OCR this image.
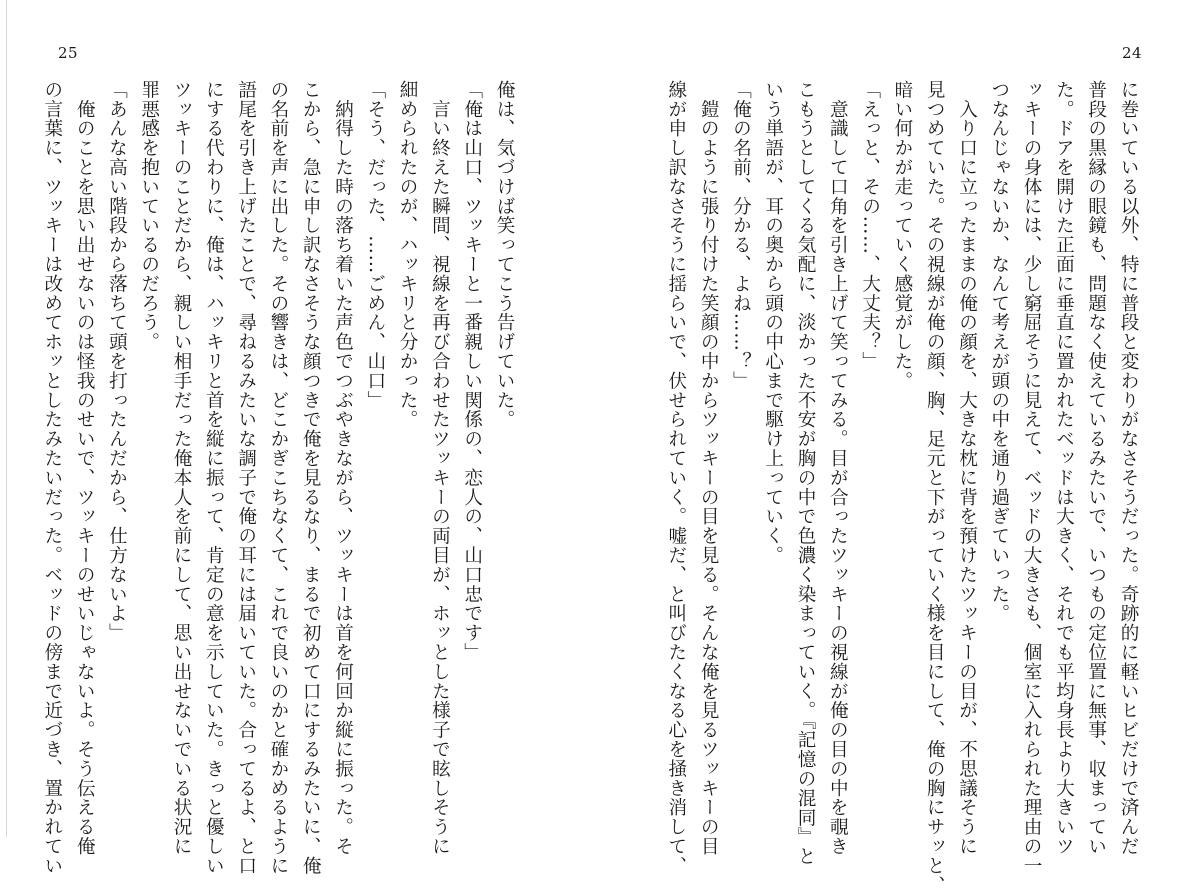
25	24

に巻いている以外、特に普段と変わりがなさそうだった。奇跡的に軽いヒビだけで済んだ

普段の黒縁の眼鏡も、問題なく使えているみたいで、いつもの定位置に無事、収まってい

た。ドアを開けた正面に垂直に置かれたベッドは大きく、それでも平均身長より大きいツ

ッキーの身体には、少し窮屈そうに見えて、ベッドの大きさも、個室に入れられた理由の一

つなんじゃないか、なんて考えが頭の中を通り過ぎていった。

　入り口に立ったままの俺の顔を、大きな枕に背を預けたツッキーの目が、不思議そうに

見つめていた。その視線が俺の顔、胸、足元と下がっていく様を目にして、俺の胸にサッと、

暗い何かが走っていく感覚がした。

「えっと、その……、大丈夫？」

　意識して口角を引き上げて笑ってみる。目が合ったツッキーの視線が俺の目の中を覗き

こもうとしてくる気配に、淡かった不安が胸の中で色濃く染まっていく。『記憶の混同』と

いう単語が、耳の奥から頭の中心まで駆け上っていく。

「俺の名前、分かる、よね……？」

　鎧のように張り付けた笑顔の中からツッキーの目を見る。そんな俺を見るツッキーの目

線が申し訳なさそうに揺らいで、伏せられていく。嘘だ、と叫びたくなる心を掻き消して、

俺は、気づけば笑ってこう告げていた。

「俺は山口、ツッキーと一番親しい関係の、恋人の、山口忠です」

　言い終えた瞬間、視線を再び合わせたツッキーの両目が、ホッとした様子で眩しそうに

細められたのが、ハッキリと分かった。

「そう、だった、……ごめん、山口」

　納得した時の落ち着いた声色でつぶやきながら、ツッキーは首を何回か縦に振った。そ

こから、急に申し訳なさそうな顔つきで俺を見るなり、まるで初めて口にするみたいに、俺

の名前を声に出した。その響きは、どこかぎこちなくて、これで良いのかと確かめるように

語尾を引き上げたことで、尋ねるみたいな調子で俺の耳には届いていた。合ってるよ、と口

にする代わりに、俺は、ハッキリと首を縦に振って、肯定の意を示していた。きっと優しい

ツッキーのことだから、親しい相手だった俺本人を前にして、思い出せないでいる状況に

罪悪感を抱いているのだろう。

「あんな高い階段から落ちて頭を打ったんだから、仕方ないよ」

　俺のことを思い出せないのは怪我のせいで、ツッキーのせいじゃないよ。そう伝える俺

の言葉に、ツッキーは改めてホッとしたみたいだった。ベッドの傍まで近づき、置かれてい
